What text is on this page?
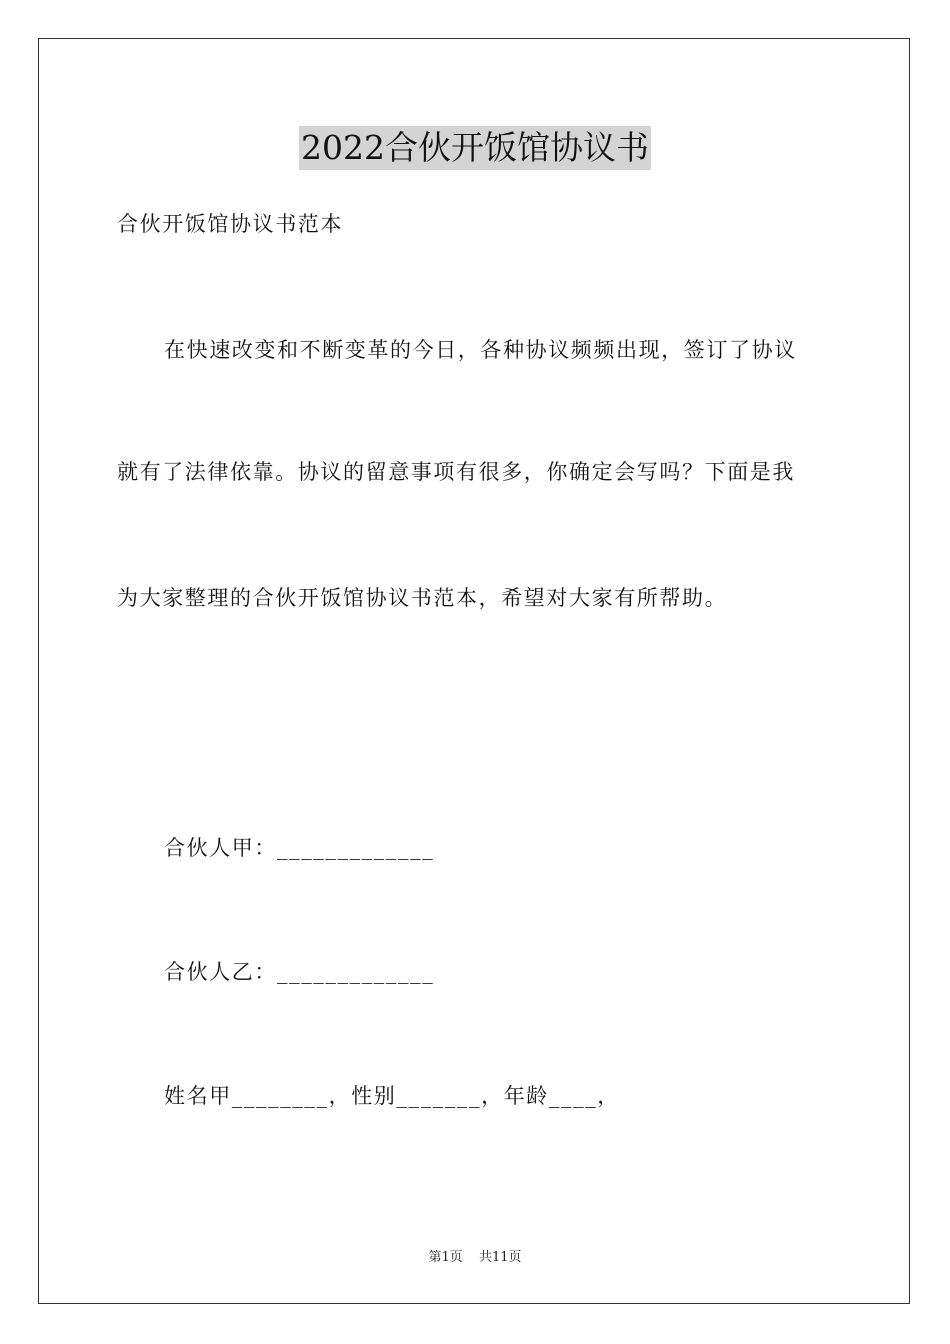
2022合伙开饭馆协议书
合伙开饭馆协议书范本
在快速改变和不断变革的今日，各种协议频频出现，签订了协议
就有了法律依靠。协议的留意事项有很多，你确定会写吗？下面是我
为大家整理的合伙开饭馆协议书范本，希望对大家有所帮助。
合伙人甲：_____________
合伙人乙：_____________
姓名甲________，性别_______，年龄____，
第1页 共11页
